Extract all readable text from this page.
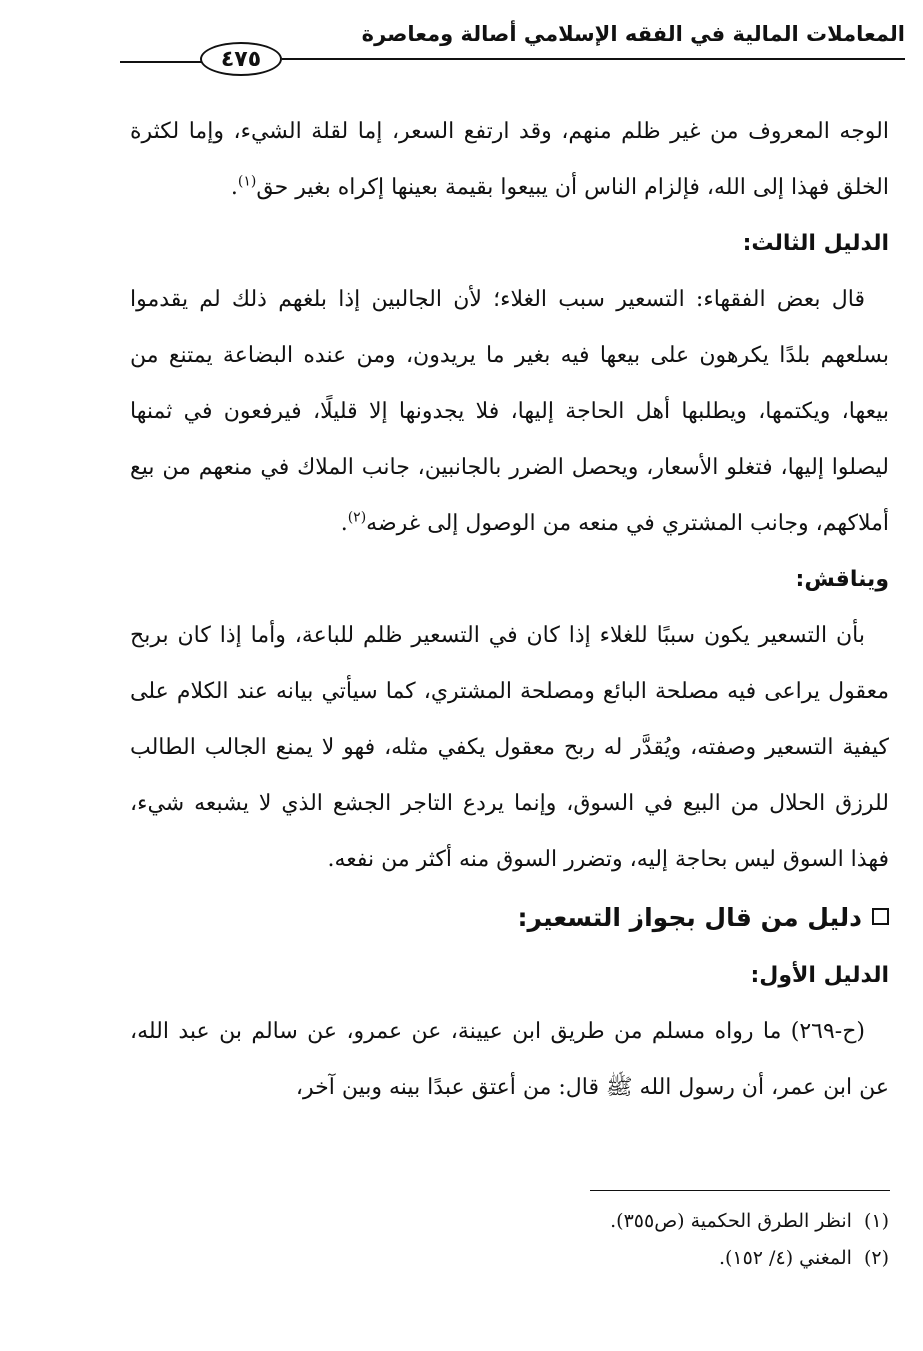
المعاملات المالية في الفقه الإسلامي أصالة ومعاصرة
٤٧٥

الوجه المعروف من غير ظلم منهم، وقد ارتفع السعر، إما لقلة الشيء، وإما لكثرة الخلق فهذا إلى الله، فإلزام الناس أن يبيعوا بقيمة بعينها إكراه بغير حق$^{(١)}$.

الدليل الثالث:

قال بعض الفقهاء: التسعير سبب الغلاء؛ لأن الجالبين إذا بلغهم ذلك لم يقدموا بسلعهم بلدًا يكرهون على بيعها فيه بغير ما يريدون، ومن عنده البضاعة يمتنع من بيعها، ويكتمها، ويطلبها أهل الحاجة إليها، فلا يجدونها إلا قليلًا، فيرفعون في ثمنها ليصلوا إليها، فتغلو الأسعار، ويحصل الضرر بالجانبين، جانب الملاك في منعهم من بيع أملاكهم، وجانب المشتري في منعه من الوصول إلى غرضه$^{(٢)}$.

ويناقش:

بأن التسعير يكون سببًا للغلاء إذا كان في التسعير ظلم للباعة، وأما إذا كان بربح معقول يراعى فيه مصلحة البائع ومصلحة المشتري، كما سيأتي بيانه عند الكلام على كيفية التسعير وصفته، ويُقدَّر له ربح معقول يكفي مثله، فهو لا يمنع الجالب الطالب للرزق الحلال من البيع في السوق، وإنما يردع التاجر الجشع الذي لا يشبعه شيء، فهذا السوق ليس بحاجة إليه، وتضرر السوق منه أكثر من نفعه.

دليل من قال بجواز التسعير:

الدليل الأول:

(ح-٢٦٩) ما رواه مسلم من طريق ابن عيينة، عن عمرو، عن سالم بن عبد الله، عن ابن عمر، أن رسول الله ﷺ قال: من أعتق عبدًا بينه وبين آخر،

(١)انظر الطرق الحكمية (ص٣٥٥).

(٢)المغني (٤/ ١٥٢).
